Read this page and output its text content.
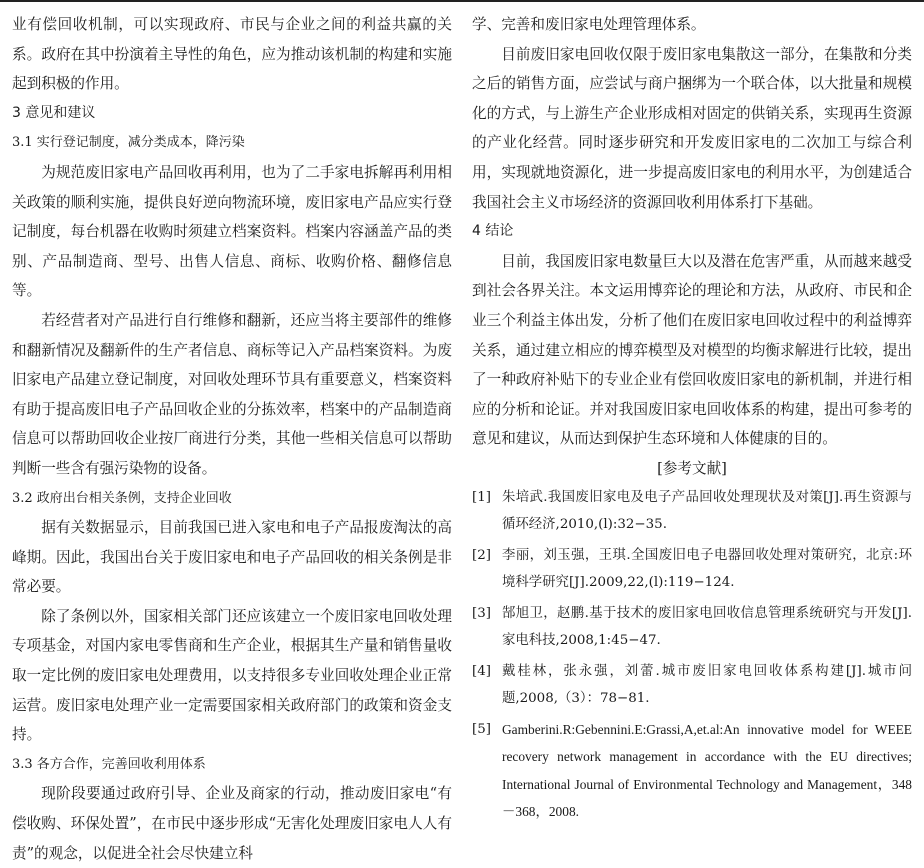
业有偿回收机制，可以实现政府、市民与企业之间的利益共赢的关系。政府在其中扮演着主导性的角色，应为推动该机制的构建和实施起到积极的作用。

3 意见和建议

3.1 实行登记制度，减分类成本，降污染

为规范废旧家电产品回收再利用，也为了二手家电拆解再利用相关政策的顺利实施，提供良好逆向物流环境，废旧家电产品应实行登记制度，每台机器在收购时须建立档案资料。档案内容涵盖产品的类别、产品制造商、型号、出售人信息、商标、收购价格、翻修信息等。

若经营者对产品进行自行维修和翻新，还应当将主要部件的维修和翻新情况及翻新件的生产者信息、商标等记入产品档案资料。为废旧家电产品建立登记制度，对回收处理环节具有重要意义，档案资料有助于提高废旧电子产品回收企业的分拣效率，档案中的产品制造商信息可以帮助回收企业按厂商进行分类，其他一些相关信息可以帮助判断一些含有强污染物的设备。

3.2 政府出台相关条例，支持企业回收

据有关数据显示，目前我国已进入家电和电子产品报废淘汰的高峰期。因此，我国出台关于废旧家电和电子产品回收的相关条例是非常必要。

除了条例以外，国家相关部门还应该建立一个废旧家电回收处理专项基金，对国内家电零售商和生产企业，根据其生产量和销售量收取一定比例的废旧家电处理费用，以支持很多专业回收处理企业正常运营。废旧家电处理产业一定需要国家相关政府部门的政策和资金支持。

3.3 各方合作，完善回收利用体系

现阶段要通过政府引导、企业及商家的行动，推动废旧家电“有偿收购、环保处置”，在市民中逐步形成“无害化处理废旧家电人人有责”的观念，以促进全社会尽快建立科

学、完善和废旧家电处理管理体系。

目前废旧家电回收仅限于废旧家电集散这一部分，在集散和分类之后的销售方面，应尝试与商户捆绑为一个联合体，以大批量和规模化的方式，与上游生产企业形成相对固定的供销关系，实现再生资源的产业化经营。同时逐步研究和开发废旧家电的二次加工与综合利用，实现就地资源化，进一步提高废旧家电的利用水平，为创建适合我国社会主义市场经济的资源回收利用体系打下基础。

4 结论

目前，我国废旧家电数量巨大以及潜在危害严重，从而越来越受到社会各界关注。本文运用博弈论的理论和方法，从政府、市民和企业三个利益主体出发，分析了他们在废旧家电回收过程中的利益博弈关系，通过建立相应的博弈模型及对模型的均衡求解进行比较，提出了一种政府补贴下的专业企业有偿回收废旧家电的新机制，并进行相应的分析和论证。并对我国废旧家电回收体系的构建，提出可参考的意见和建议，从而达到保护生态环境和人体健康的目的。

[参考文献]

[1] 朱培武.我国废旧家电及电子产品回收处理现状及对策[J].再生资源与循环经济,2010,(l):32−35.
[2] 李丽，刘玉强，王琪.全国废旧电子电器回收处理对策研究，北京:环境科学研究[J].2009,22,(l):119−124.
[3] 郜旭卫，赵鹏.基于技术的废旧家电回收信息管理系统研究与开发[J].家电科技,2008,1:45−47.
[4] 戴桂林，张永强，刘蕾.城市废旧家电回收体系构建[J].城市问题,2008,（3）：78−81.
[5] Gamberini.R:Gebennini.E:Grassi,A,et.al:An innovative model for WEEE recovery network management in accordance with the EU directives; International Journal of Environmental Technology and Management，348－368，2008.
